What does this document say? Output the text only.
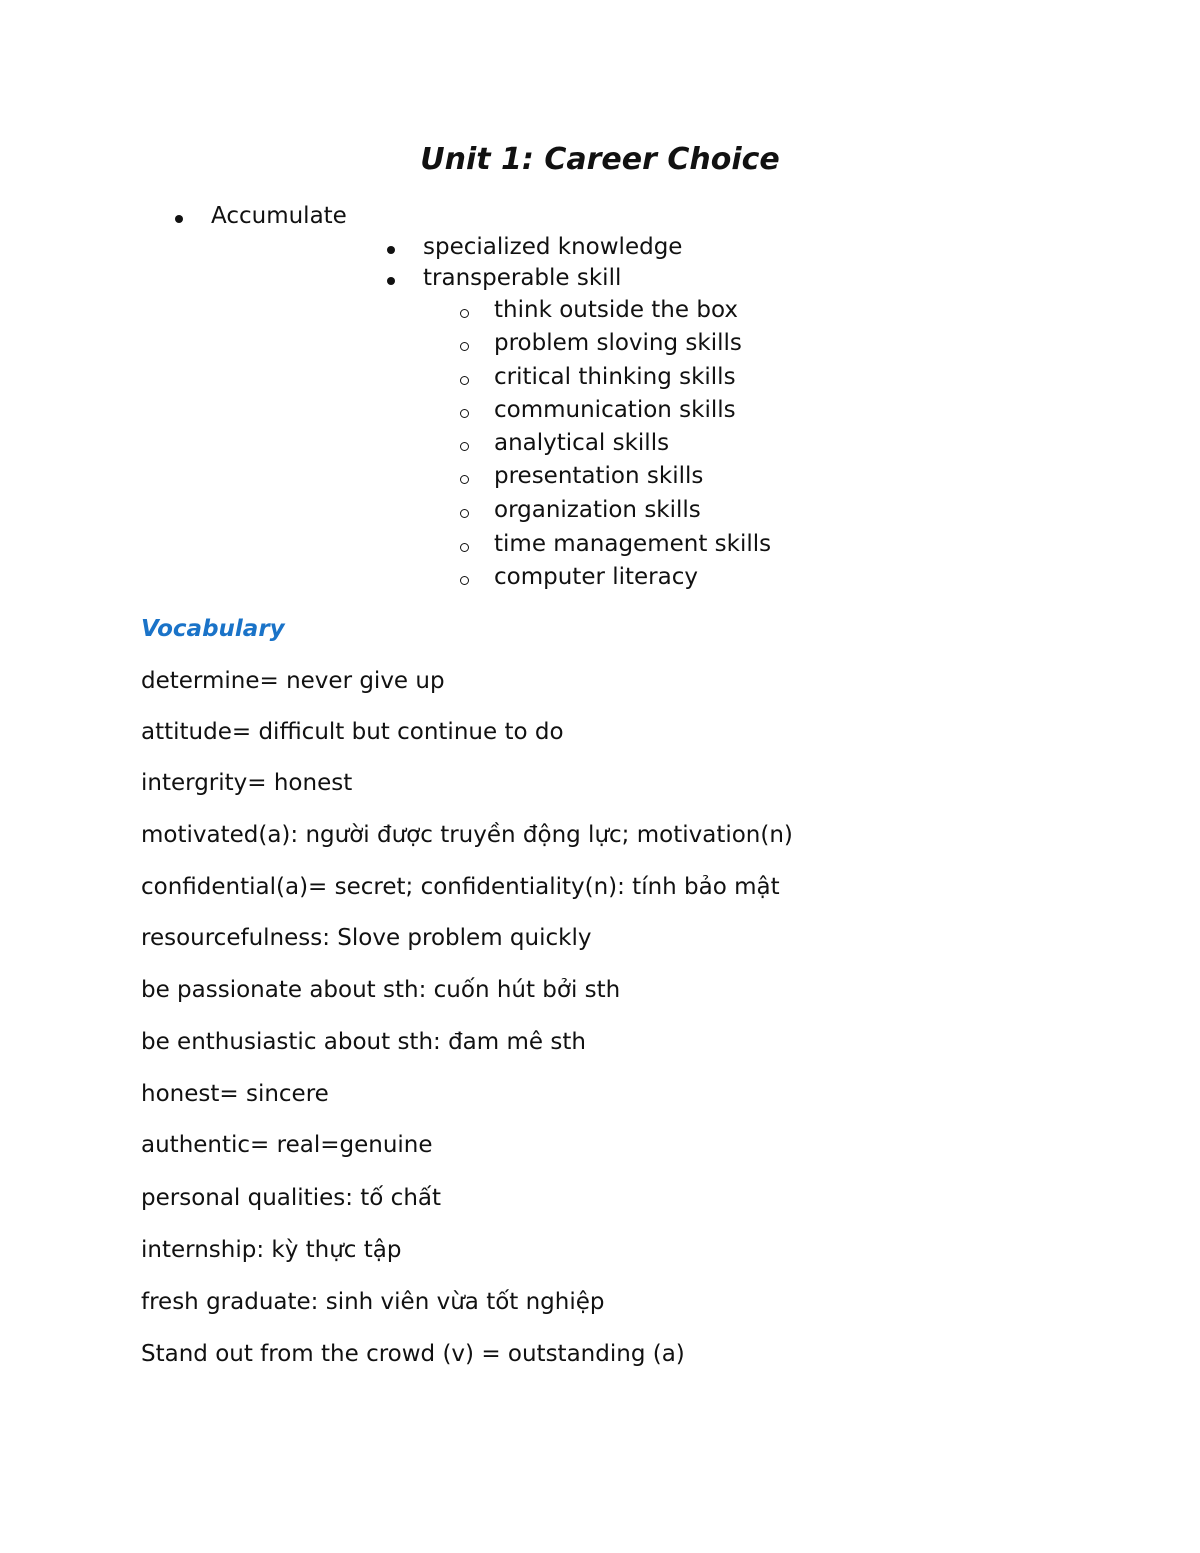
Unit 1: Career Choice
Accumulate
specialized knowledge
transperable skill
think outside the box
problem sloving skills
critical thinking skills
communication skills
analytical skills
presentation skills
organization skills
time management skills
computer literacy
Vocabulary
determine= never give up
attitude= difficult but continue to do
intergrity= honest
motivated(a): người được truyền động lực; motivation(n)
confidential(a)= secret; confidentiality(n): tính bảo mật
resourcefulness: Slove problem quickly
be passionate about sth: cuốn hút bởi sth
be enthusiastic about sth: đam mê sth
honest= sincere
authentic= real=genuine
personal qualities: tố chất
internship: kỳ thực tập
fresh graduate: sinh viên vừa tốt nghiệp
Stand out from the crowd (v) = outstanding (a)
